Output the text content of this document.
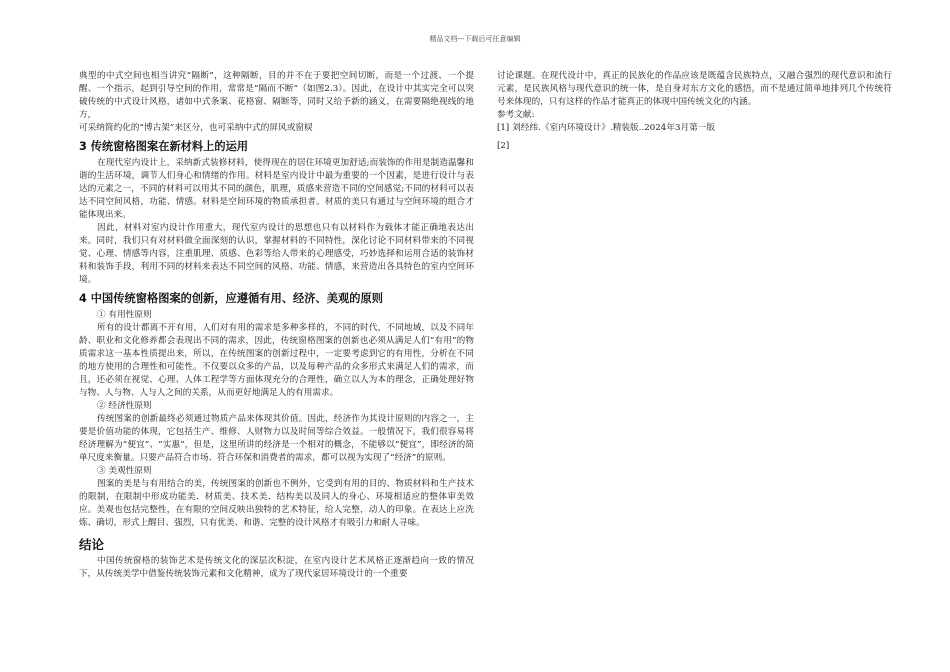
精品文档---下载后可任意编辑

典型的中式空间也相当讲究“隔断”，这种隔断，目的并不在于要把空间切断，而是一个过渡、一个提醒、一个指示，起到引导空间的作用，常常是“隔而不断”（如图2.3）。因此，在设计中其实完全可以突破传统的中式设计风格，诸如中式条案、花格窗、隔断等，同时又给予新的涵义，在需要隔绝视线的地方，

可采纳简约化的“博古架”来区分，也可采纳中式的屏风或窗棂

3 传统窗格图案在新材料上的运用

在现代室内设计上，采纳新式装修材料，使得现在的居住环境更加舒适;而装饰的作用是制造温馨和谐的生活环境，调节人们身心和情绪的作用。材料是室内设计中最为重要的一个因素，是进行设计与表达的元素之一，不同的材料可以用其不同的颜色，肌理，质感来营造不同的空间感觉;不同的材料可以表达不同空间风格，功能、情感。材料是空间环境的物质承担者。材质的美只有通过与空间环境的组合才能体现出来。

因此，材料对室内设计作用重大，现代室内设计的思想也只有以材料作为载体才能正确地表达出来。同时，我们只有对材料做全面深刻的认识，掌握材料的不同特性，深化讨论不同材料带来的不同视觉、心理、情感等内容，注重肌理、质感、色彩等给人带来的心理感受，巧妙选择和运用合适的装饰材料和装饰手段，利用不同的材料来表达不同空间的风格、功能、情感，来营造出各具特色的室内空间环境。

4 中国传统窗格图案的创新，应遵循有用、经济、美观的原则

① 有用性原则

所有的设计都离不开有用，人们对有用的需求是多种多样的，不同的时代，不同地域，以及不同年龄、职业和文化修养都会表现出不同的需求，因此，传统窗格图案的创新也必须从满足人们“有用”的物质需求这一基本性质提出来，所以，在传统图案的创新过程中，一定要考虑到它的有用性，分析在不同的地方使用的合理性和可能性。不仅要以众多的产品，以及每种产品的众多形式来满足人们的需求，而且，还必须在视觉、心理、人体工程学等方面体现充分的合理性，确立以人为本的理念，正确处理好物与物、人与物、人与人之间的关系，从而更好地满足人的有用需求。

② 经济性原则

传统图案的创新最终必须通过物质产品来体现其价值。因此，经济作为其设计原则的内容之一，主要是价值功能的体现，它包括生产、维修、人财物力以及时间等综合效益。一般情况下，我们很容易将经济理解为“便宜”、“实惠”，但是，这里所讲的经济是一个相对的概念，不能够以“便宜”，即经济的简单尺度来衡量。只要产品符合市场、符合环保和消费者的需求，都可以视为实现了“经济”的原则。

③ 美观性原则

图案的美是与有用结合的美，传统图案的创新也不例外，它受到有用的目的、物质材料和生产技术的限制，在限制中形成功能美、材质美、技术美、结构美以及同人的身心、环境相适应的整体审美效应。美观也包括完整性，在有限的空间反映出独特的艺术特征，给人完整，动人的印象。在表达上应洗炼、确切，形式上醒目、强烈，只有优美、和谐、完整的设计风格才有吸引力和耐人寻味。

结论

中国传统窗格的装饰艺术是传统文化的深层次积淀，在室内设计艺术风格正逐渐趋向一致的情况下，从传统美学中借鉴传统装饰元素和文化精神，成为了现代家居环境设计的一个重要

讨论课题。在现代设计中，真正的民族化的作品应该是既蕴含民族特点，又融合强烈的现代意识和流行元素，是民族风格与现代意识的统一体，是自身对东方文化的感悟，而不是通过简单地排列几个传统符号来体现的，只有这样的作品才能真正的体现中国传统文化的内涵。

参考文献:

[1] 刘经纬.《室内环境设计》.精装版..2024年3月第一版

[2]
